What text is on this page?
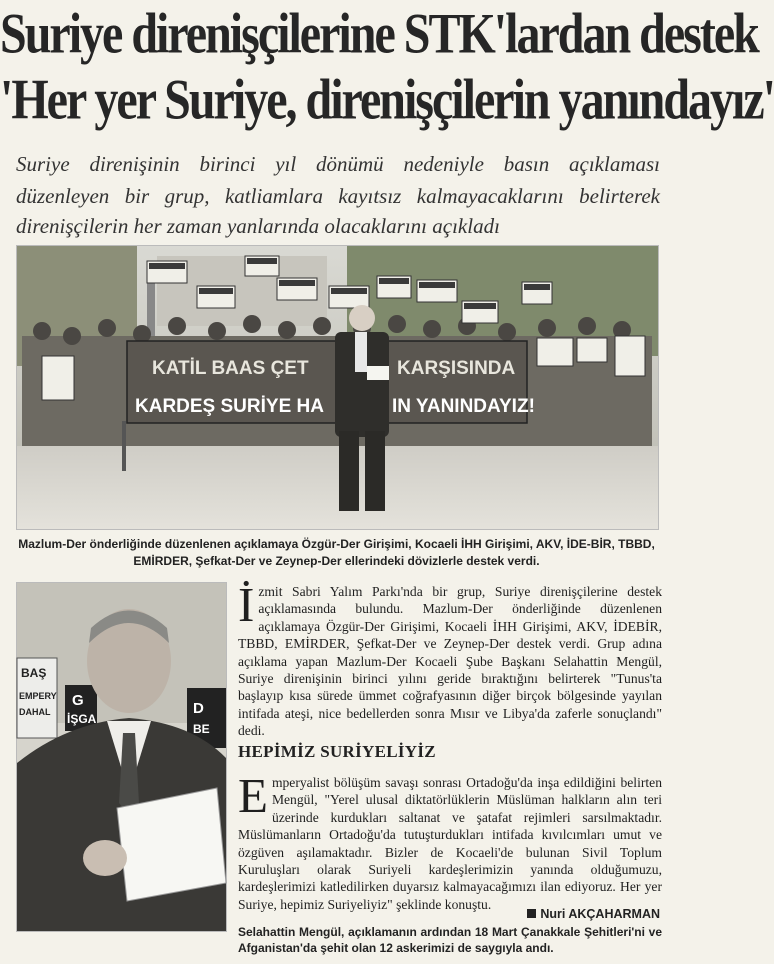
Suriye direnişçilerine STK'lardan destek
'Her yer Suriye, direnişçilerin yanındayız'
Suriye direnişinin birinci yıl dönümü nedeniyle basın açıklaması
düzenleyen bir grup, katliamlara kayıtsız kalmayacaklarını belirterek
direnişçilerin her zaman yanlarında olacaklarını açıkladı
KATİL BAAS ÇET	KARŞISINDA
KARDEŞ SURİYE HA	IN YANINDAYIZ!
Mazlum-Der önderliğinde düzenlenen açıklamaya Özgür-Der Girişimi, Kocaeli İHH Girişimi, AKV, İDE-BİR, TBBD, EMİRDER, Şefkat-Der ve Zeynep-Der ellerindeki dövizlerle destek verdi.
BAŞ
EMPERY
DAHAL
G
İŞGA
D
BE
İzmit Sabri Yalım Parkı'nda bir grup, Suriye direnişçilerine destek açıklamasında bulundu. Mazlum-Der önderliğinde düzenlenen açıklamaya Özgür-Der Girişimi, Kocaeli İHH Girişimi, AKV, İDEBİR, TBBD, EMİRDER, Şefkat-Der ve Zeynep-Der destek verdi. Grup adına açıklama yapan Mazlum-Der Kocaeli Şube Başkanı Selahattin Mengül, Suriye direnişinin birinci yılını geride bıraktığını belirterek "Tunus'ta başlayıp kısa sürede ümmet coğrafyasının diğer birçok bölgesinde yayılan intifada ateşi, nice bedellerden sonra Mısır ve Libya'da zaferle sonuçlandı" dedi.
HEPİMİZ SURİYELİYİZ
Emperyalist bölüşüm savaşı sonrası Ortadoğu'da inşa edildiğini belirten Mengül, "Yerel ulusal diktatörlüklerin Müslüman halkların alın teri üzerinde kurdukları saltanat ve şatafat rejimleri sarsılmaktadır. Müslümanların Ortadoğu'da tutuşturdukları intifada kıvılcımları umut ve özgüven aşılamaktadır. Bizler de Kocaeli'de bulunan Sivil Toplum Kuruluşları olarak Suriyeli kardeşlerimizin yanında olduğumuzu, kardeşlerimizi katledilirken duyarsız kalmayacağımızı ilan ediyoruz. Her yer Suriye, hepimiz Suriyeliyiz" şeklinde konuştu.
Nuri AKÇAHARMAN
Selahattin Mengül, açıklamanın ardından 18 Mart Çanakkale Şehitleri'ni ve Afganistan'da şehit olan 12 askerimizi de saygıyla andı.
